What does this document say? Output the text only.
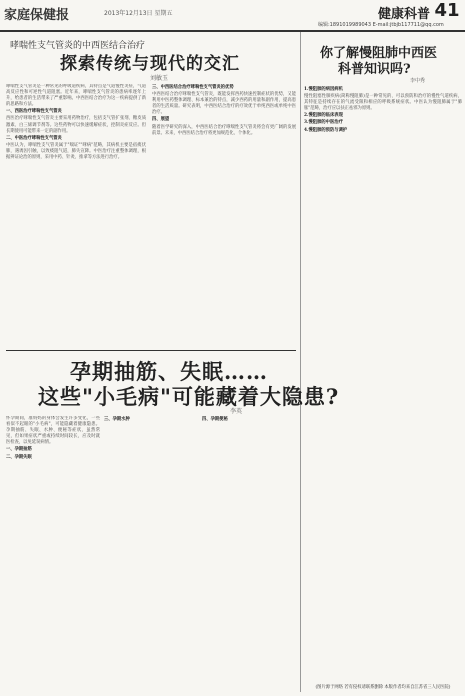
家庭保健报	2013年12月13日 星期五	健康科普 41
编辑:1891019989043 E-mail:jtbjb117711@qq.com
哮喘性支气管炎的中西医结合治疗
探索传统与现代的交汇
刘敏玉
哮喘性支气管炎是一种常见的呼吸道疾病，其特点是气道慢性炎症，气道高反应性和可逆性气道阻塞。近年来，哮喘性支气管炎的患病率逐年上升，给患者的生活带来了严重影响。中西医结合治疗为这一疾病提供了新的思路和方法。
一、西医治疗哮喘性支气管炎
西医治疗哮喘性支气管炎主要采用药物治疗，包括支气管扩张剂、糖皮质激素、白三烯调节剂等。这些药物可以快速缓解症状，控制炎症反应。但长期使用可能带来一定的副作用。
二、中医治疗哮喘性支气管炎
中医认为，哮喘性支气管炎属于"喘证""哮病"范畴，其病机主要是宿痰伏肺，遇诱因引触，以致痰阻气道，肺失宣降。中医治疗注重整体调理，根据辨证论治的原则，采用中药、针灸、推拿等方法进行治疗。
三、中西医结合治疗哮喘性支气管炎的优势
中西医结合治疗哮喘性支气管炎，既能发挥西药快速控制症状的优势，又能利用中医药整体调理、标本兼治的特点，减少西药的用量和副作用，提高患者的生活质量。研究表明，中西医结合治疗的疗效优于单纯西医或单纯中医治疗。
四、展望
随着医学研究的深入，中西医结合治疗哮喘性支气管炎将会有更广阔的发展前景。未来，中西医结合治疗将更加规范化、个体化。
孕期抽筋、失眠……
这些"小毛病"可能藏着大隐患?
李英
怀孕期间，准妈妈的身体会发生许多变化，一些看似不起眼的"小毛病"，可能隐藏着健康隐患。孕期抽筋、失眠、水肿、便秘等症状，虽然常见，但如果症状严重或持续时间较长，应及时就医检查，以免延误病情。
一、孕期抽筋
二、孕期失眠
三、孕期水肿	四、孕期便秘
你了解慢阻肺中西医
科普知识吗?
李中秀
1.慢阻肺的病因病机
慢性阻塞性肺疾病(简称慢阻肺)是一种常见的、可以预防和治疗的慢性气道疾病，其特征是持续存在的气流受限和相应的呼吸系统症状。中医认为慢阻肺属于"肺胀"范畴，治疗应以扶正祛邪为原则。
2.慢阻肺的临床表现
3.慢阻肺的中医治疗
4.慢阻肺的预防与调护
(图片源于网络 若有侵权请联系删除 本版作者均来自江苏省三人民医院)
